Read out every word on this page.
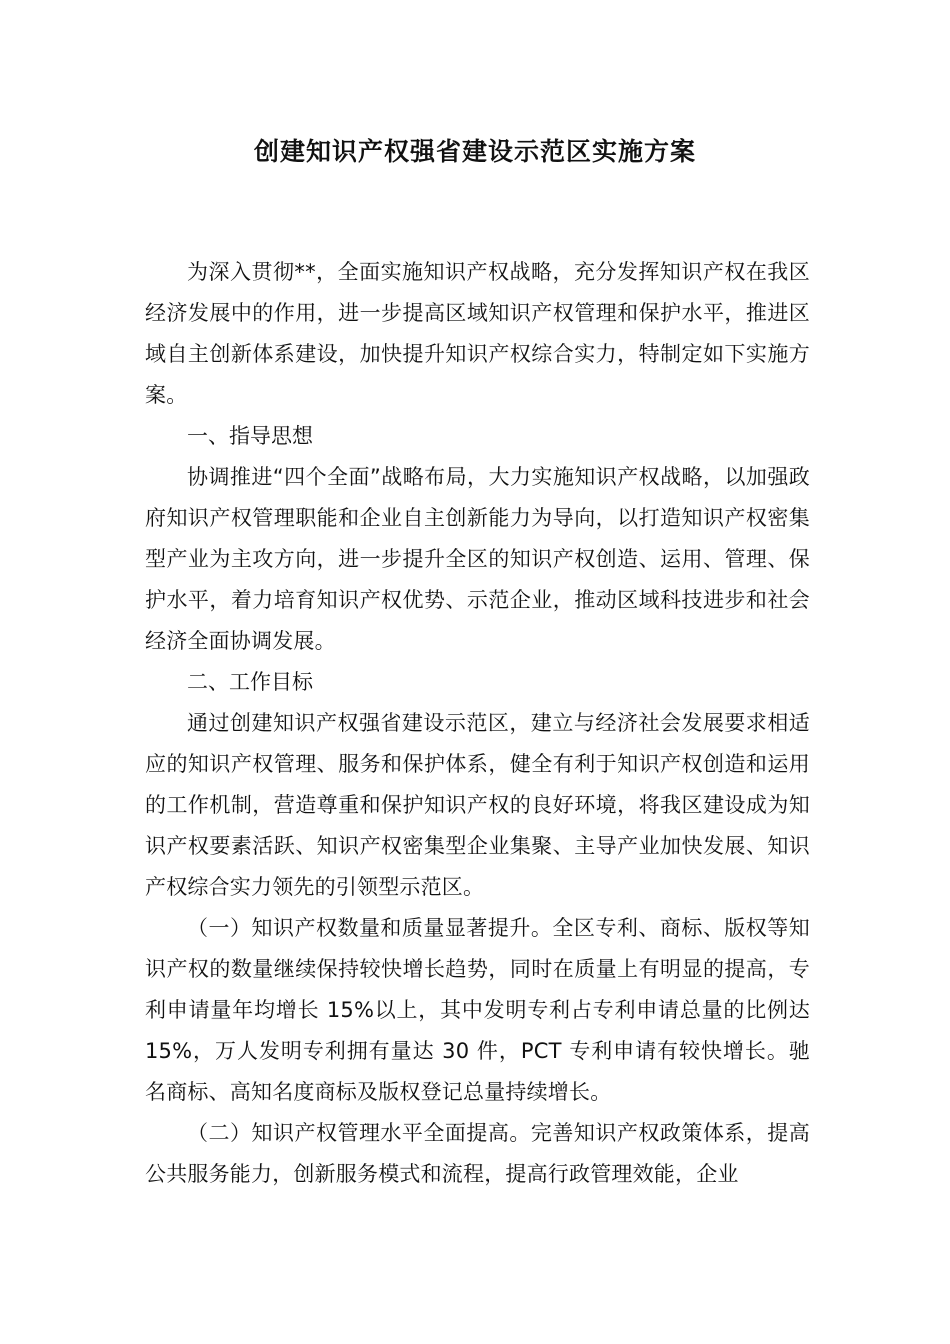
创建知识产权强省建设示范区实施方案

为深入贯彻**，全面实施知识产权战略，充分发挥知识产权在我区经济发展中的作用，进一步提高区域知识产权管理和保护水平，推进区域自主创新体系建设，加快提升知识产权综合实力，特制定如下实施方案。

一、指导思想

协调推进“四个全面”战略布局，大力实施知识产权战略，以加强政府知识产权管理职能和企业自主创新能力为导向，以打造知识产权密集型产业为主攻方向，进一步提升全区的知识产权创造、运用、管理、保护水平，着力培育知识产权优势、示范企业，推动区域科技进步和社会经济全面协调发展。

二、工作目标

通过创建知识产权强省建设示范区，建立与经济社会发展要求相适应的知识产权管理、服务和保护体系，健全有利于知识产权创造和运用的工作机制，营造尊重和保护知识产权的良好环境，将我区建设成为知识产权要素活跃、知识产权密集型企业集聚、主导产业加快发展、知识产权综合实力领先的引领型示范区。

（一）知识产权数量和质量显著提升。全区专利、商标、版权等知识产权的数量继续保持较快增长趋势，同时在质量上有明显的提高，专利申请量年均增长 15%以上，其中发明专利占专利申请总量的比例达 15%，万人发明专利拥有量达 30 件，PCT 专利申请有较快增长。驰名商标、高知名度商标及版权登记总量持续增长。

（二）知识产权管理水平全面提高。完善知识产权政策体系，提高公共服务能力，创新服务模式和流程，提高行政管理效能，企业
